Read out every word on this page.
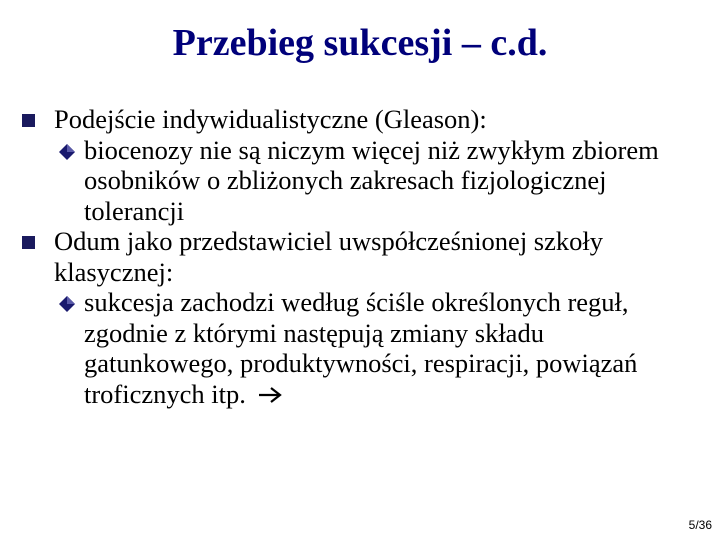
Przebieg sukcesji – c.d.
Podejście indywidualistyczne (Gleason):
biocenozy nie są niczym więcej niż zwykłym zbiorem osobników o zbliżonych zakresach fizjologicznej tolerancji
Odum jako przedstawiciel uwspółcześnionej szkoły klasycznej:
sukcesja zachodzi według ściśle określonych reguł, zgodnie z którymi następują zmiany składu gatunkowego, produktywności, respiracji, powiązań troficznych itp.
5/36
